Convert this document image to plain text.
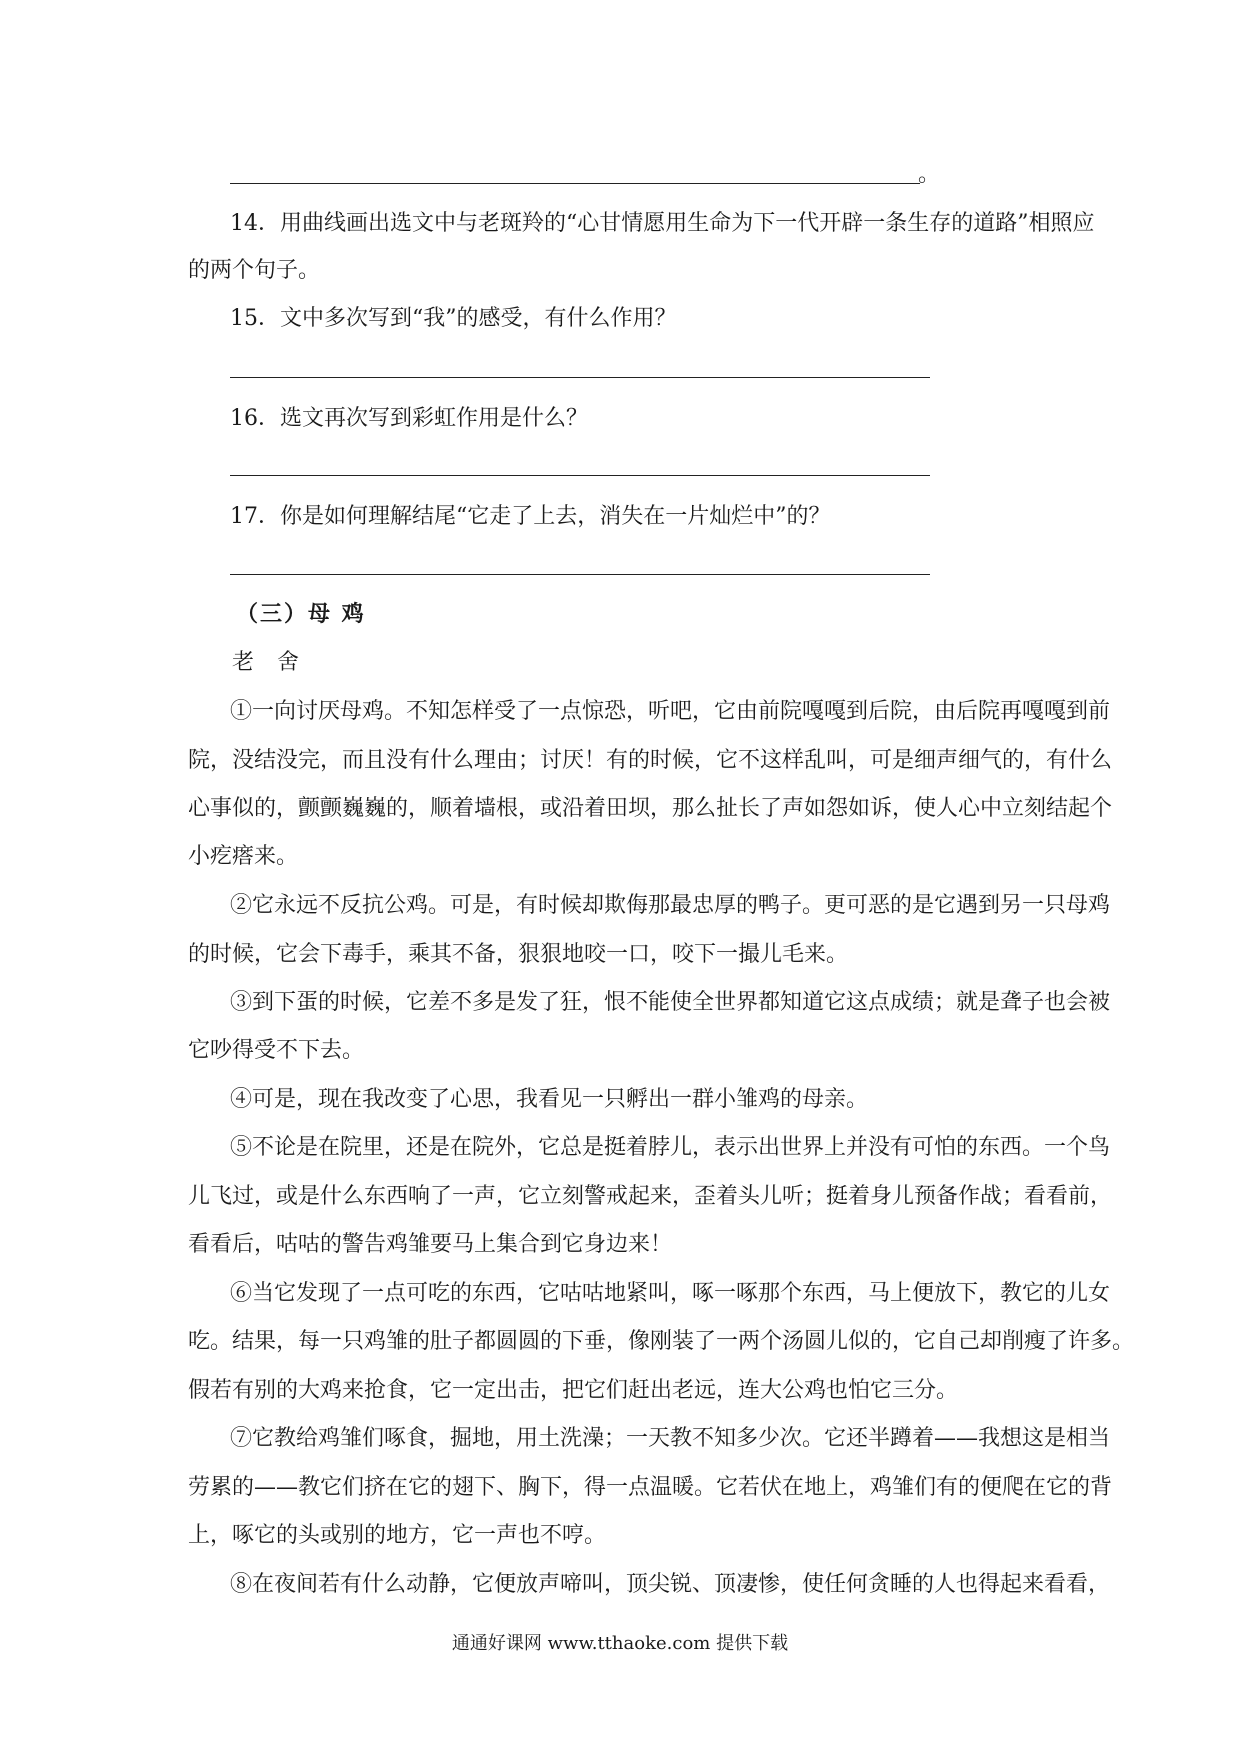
。
14．用曲线画出选文中与老斑羚的“心甘情愿用生命为下一代开辟一条生存的道路”相照应
的两个句子。
15．文中多次写到“我”的感受，有什么作用？
16．选文再次写到彩虹作用是什么？
17．你是如何理解结尾“它走了上去，消失在一片灿烂中”的？
（三）母 鸡
老 舍
①一向讨厌母鸡。不知怎样受了一点惊恐，听吧，它由前院嘎嘎到后院，由后院再嘎嘎到前
院，没结没完，而且没有什么理由；讨厌！有的时候，它不这样乱叫，可是细声细气的，有什么
心事似的，颤颤巍巍的，顺着墙根，或沿着田坝，那么扯长了声如怨如诉，使人心中立刻结起个
小疙瘩来。
②它永远不反抗公鸡。可是，有时候却欺侮那最忠厚的鸭子。更可恶的是它遇到另一只母鸡
的时候，它会下毒手，乘其不备，狠狠地咬一口，咬下一撮儿毛来。
③到下蛋的时候，它差不多是发了狂，恨不能使全世界都知道它这点成绩；就是聋子也会被
它吵得受不下去。
④可是，现在我改变了心思，我看见一只孵出一群小雏鸡的母亲。
⑤不论是在院里，还是在院外，它总是挺着脖儿，表示出世界上并没有可怕的东西。一个鸟
儿飞过，或是什么东西响了一声，它立刻警戒起来，歪着头儿听；挺着身儿预备作战；看看前，
看看后，咕咕的警告鸡雏要马上集合到它身边来！
⑥当它发现了一点可吃的东西，它咕咕地紧叫，啄一啄那个东西，马上便放下，教它的儿女
吃。结果，每一只鸡雏的肚子都圆圆的下垂，像刚装了一两个汤圆儿似的，它自己却削瘦了许多。
假若有别的大鸡来抢食，它一定出击，把它们赶出老远，连大公鸡也怕它三分。
⑦它教给鸡雏们啄食，掘地，用土洗澡；一天教不知多少次。它还半蹲着——我想这是相当
劳累的——教它们挤在它的翅下、胸下，得一点温暖。它若伏在地上，鸡雏们有的便爬在它的背
上，啄它的头或别的地方，它一声也不哼。
⑧在夜间若有什么动静，它便放声啼叫，顶尖锐、顶凄惨，使任何贪睡的人也得起来看看，
通通好课网 www.tthaoke.com 提供下载
